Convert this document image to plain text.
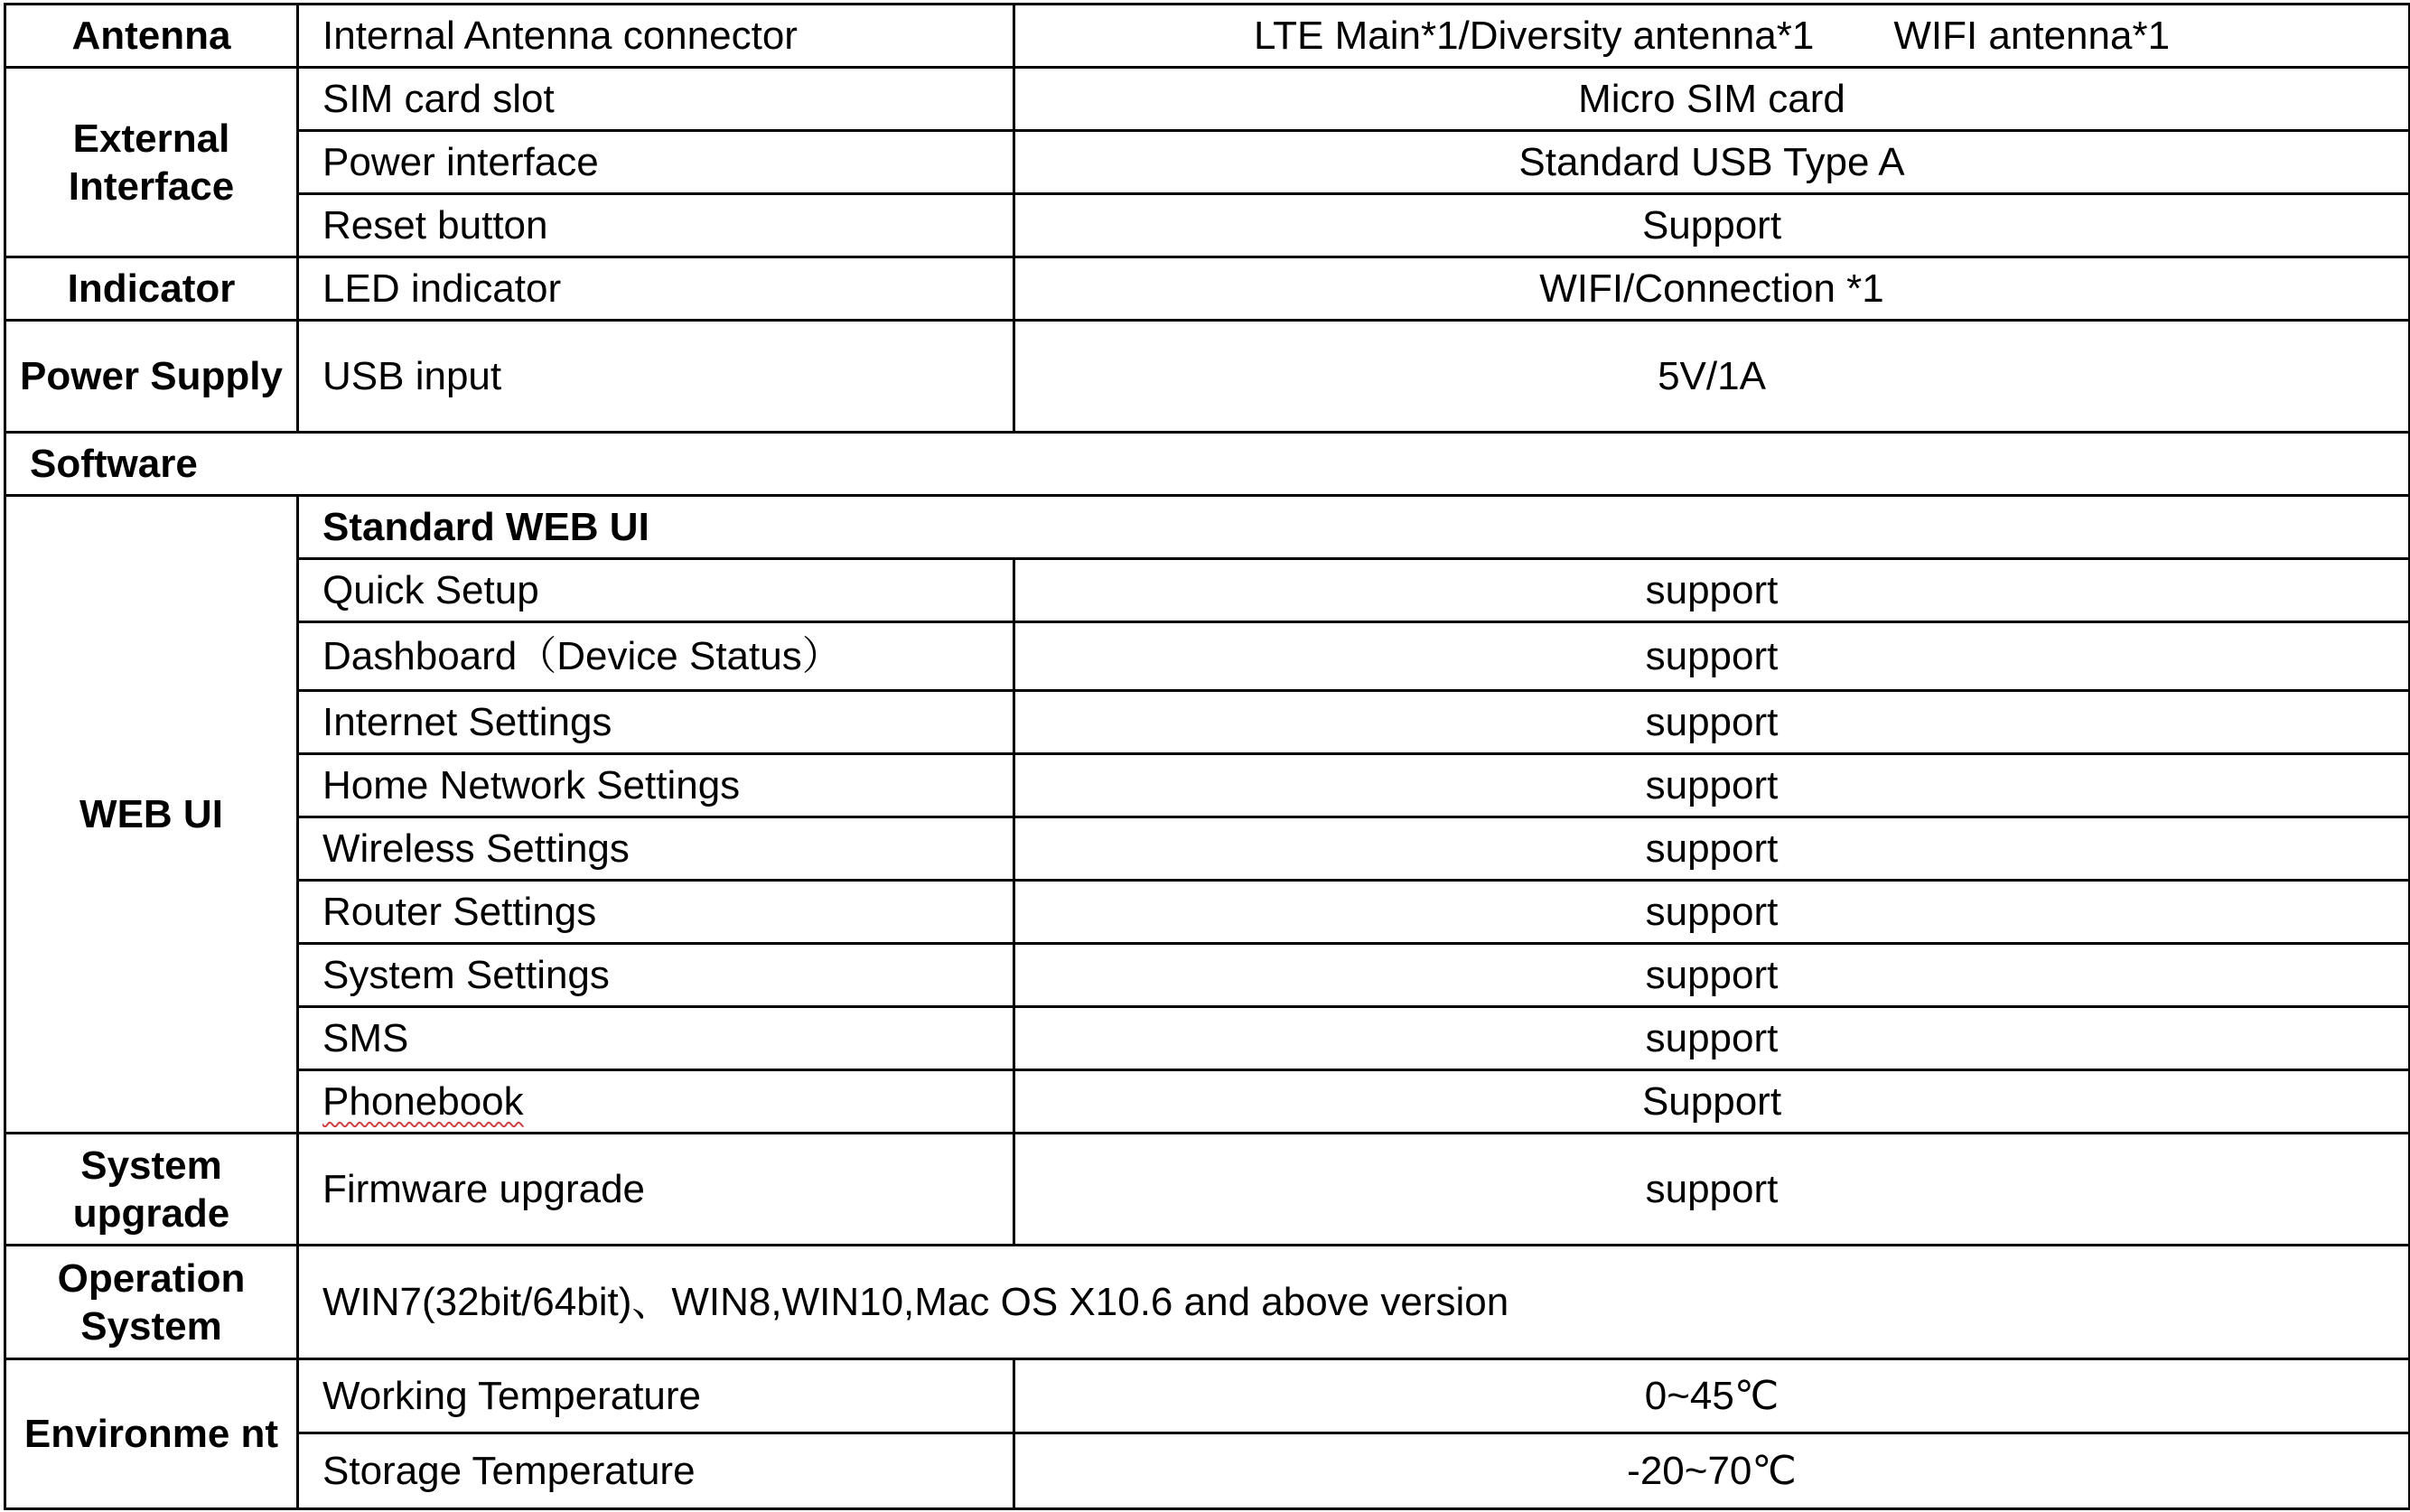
Antenna	Internal Antenna connector	LTE Main*1/Diversity antenna*1 WIFI antenna*1
External Interface	SIM card slot	Micro SIM card
	Power interface	Standard USB Type A
	Reset button	Support
Indicator	LED indicator	WIFI/Connection *1
Power Supply	USB input	5V/1A
Software		
WEB UI	Standard WEB UI	
	Quick Setup	support
	Dashboard（Device Status）	support
	Internet Settings	support
	Home Network Settings	support
	Wireless Settings	support
	Router Settings	support
	System Settings	support
	SMS	support
	Phonebook	Support
System upgrade	Firmware upgrade	support
Operation System	WIN7(32bit/64bit)、WIN8,WIN10,Mac OS X10.6 and above version	
Environme nt	Working Temperature	0~45℃
	Storage Temperature	-20~70℃
